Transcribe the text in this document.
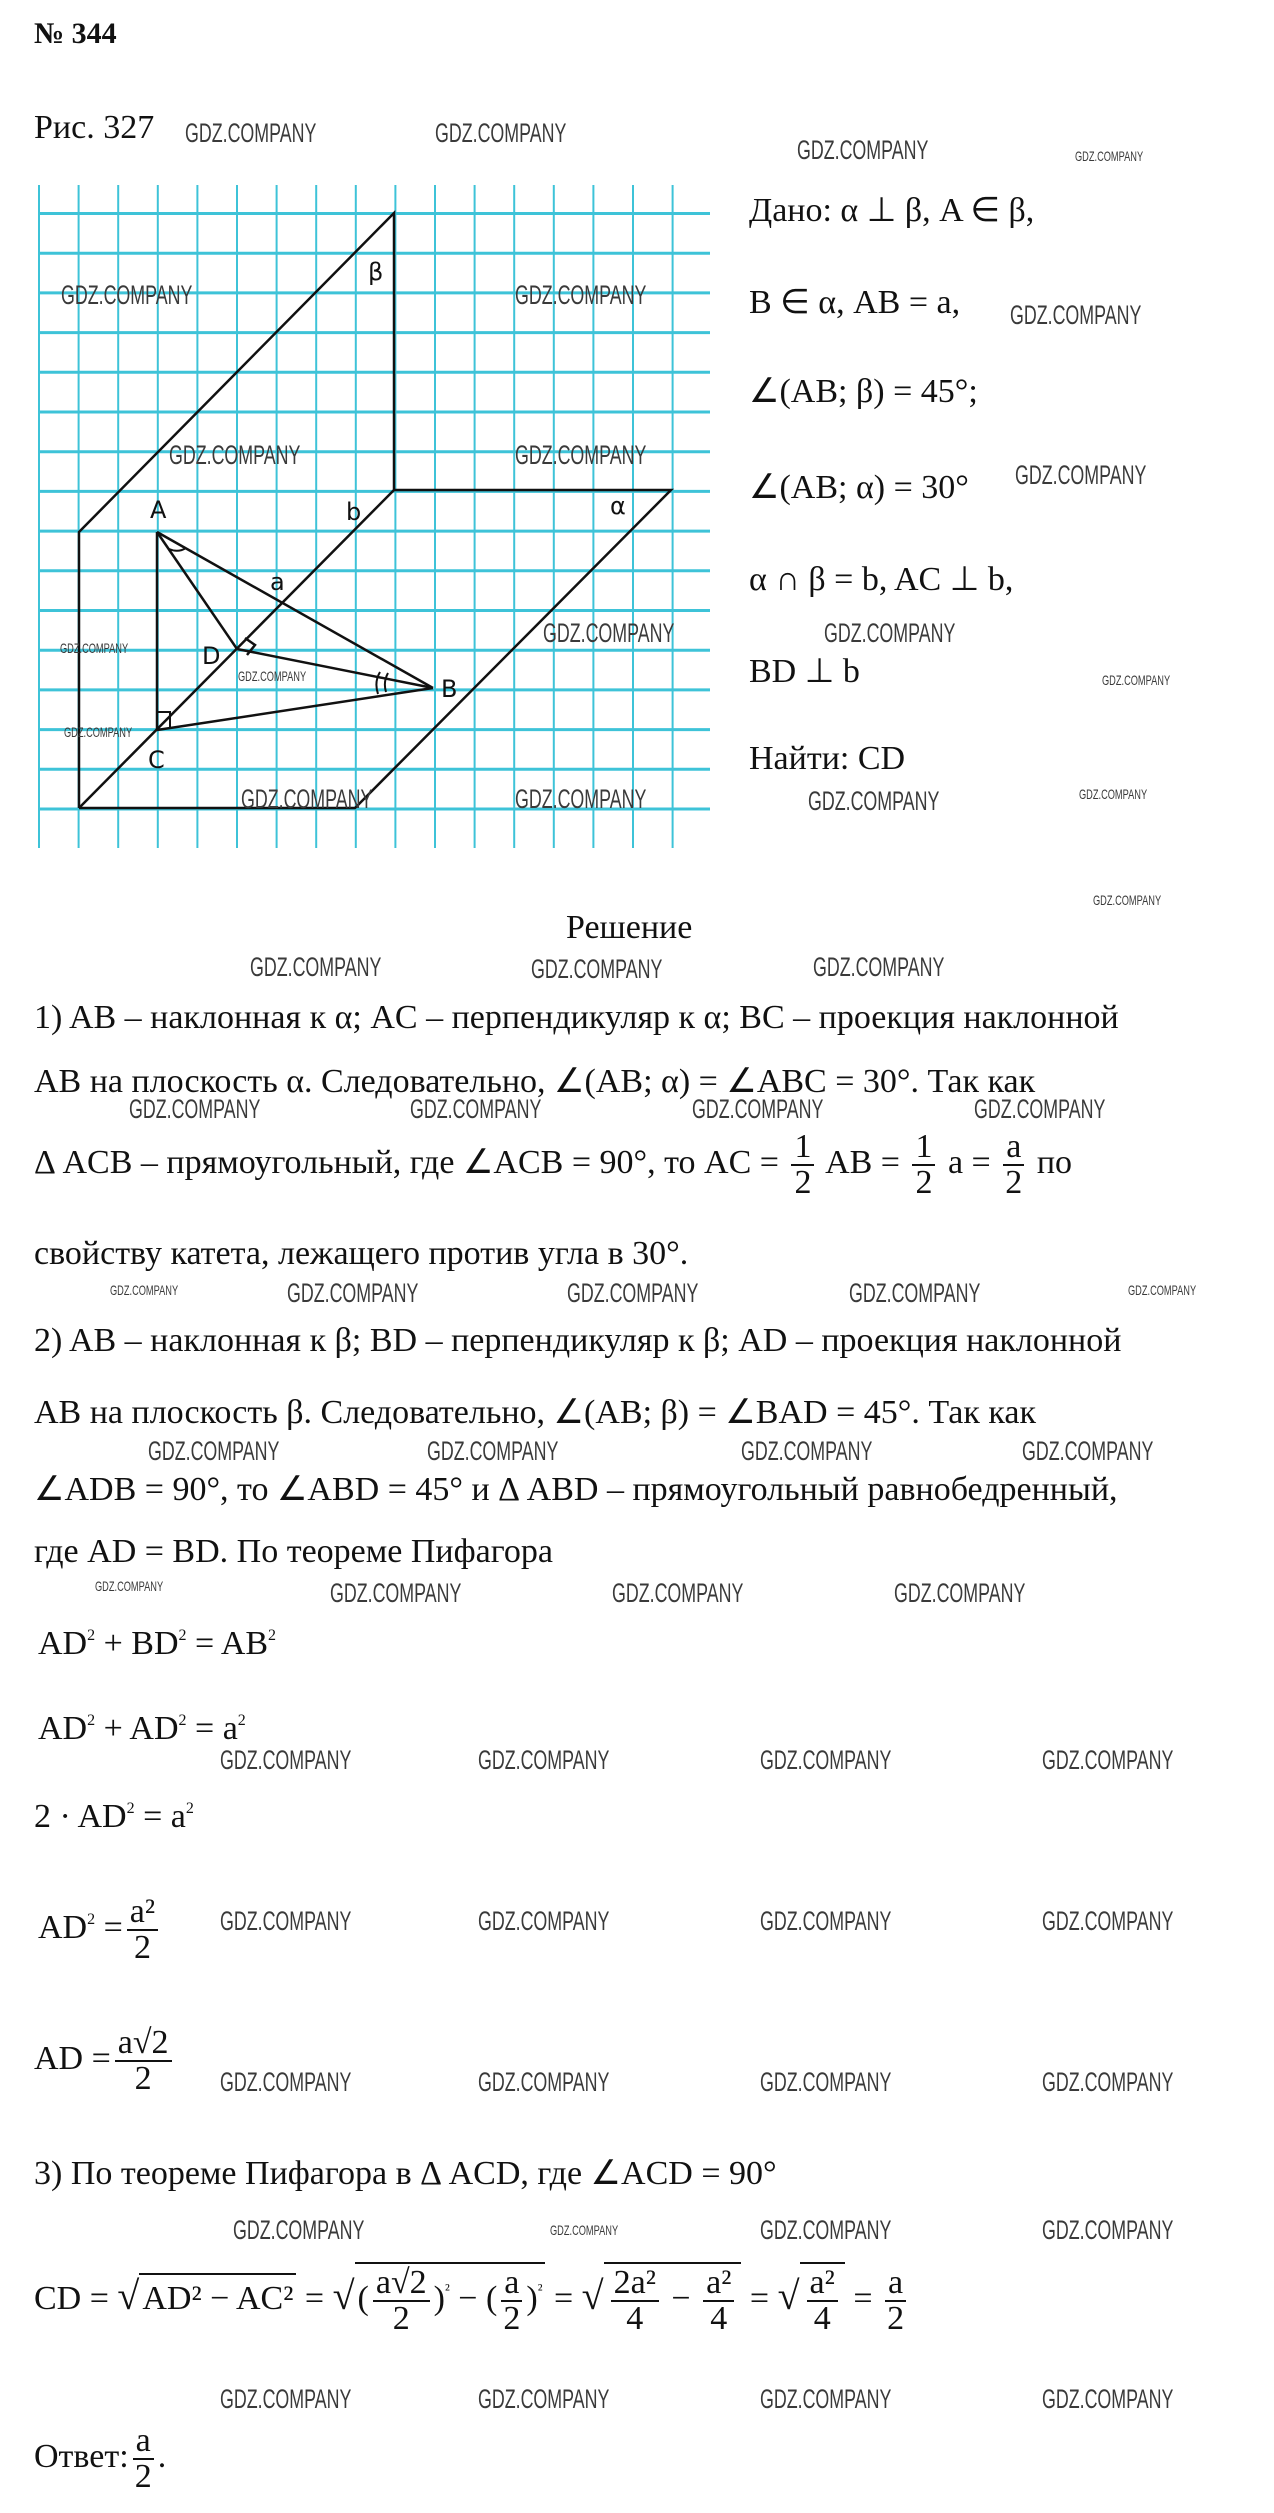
A	b	α
β
a
D
B
C
№ 344
Рис. 327
Дано: α ⊥ β, A ∈ β,
B ∈ α, AB = a,
∠(AB; β) = 45°;
∠(AB; α) = 30°
α ∩ β = b, AC ⊥ b,
BD ⊥ b
Найти: CD
Решение
1) AB – наклонная к α; AC – перпендикуляр к α; BC – проекция наклонной
AB на плоскость α. Следовательно, ∠(AB; α) = ∠ABC = 30°. Так как
Δ ACB – прямоугольный, где ∠ACB = 90°, то AC = $\frac{1}{2}$ AB = $\frac{1}{2}$ $a = \frac{a}{2}$ по
свойству катета, лежащего против угла в 30°.
2) AB – наклонная к β; BD – перпендикуляр к β; AD – проекция наклонной
AB на плоскость β. Следовательно, ∠(AB; β) = ∠BAD = 45°. Так как
∠ADB = 90°, то ∠ABD = 45° и Δ ABD – прямоугольный равнобедренный,
где AD = BD. По теореме Пифагора
$AD^2 + BD^2 = AB^2$
$AD^2 + AD^2 = a^2$
$2 \cdot AD^2 = a^2$
$AD^2 = \frac{\text{a²}}{2}$
AD = $\frac{a√2}{2}$
3) По теореме Пифагора в Δ ACD, где ∠ACD = 90°
CD = √AD² − AC² = √( $\frac{a√2}{2} )^{^2}$ − ( $\frac{a}{2} )^{^2}$ = √ $\frac{\text{2a²}}{4} - \frac{\text{a²}}{4}$ = √ $\frac{\text{a²}}{4} = \frac{a}{2}$
Ответ: $\frac{a}{2}$ .
GDZ.COMPANY	GDZ.COMPANY
GDZ.COMPANY	GDZ.COMPANY
GDZ.COMPANY	GDZ.COMPANY
GDZ.COMPANY
GDZ.COMPANY	GDZ.COMPANY
GDZ.COMPANY
GDZ.COMPANY	GDZ.COMPANY	GDZ.COMPANY
GDZ.COMPANY
GDZ.COMPANY
GDZ.COMPANY
GDZ.COMPANY	GDZ.COMPANY	GDZ.COMPANY	GDZ.COMPANY
GDZ.COMPANY
GDZ.COMPANY	GDZ.COMPANY	GDZ.COMPANY
GDZ.COMPANY	GDZ.COMPANY	GDZ.COMPANY	GDZ.COMPANY
GDZ.COMPANY	GDZ.COMPANY	GDZ.COMPANY	GDZ.COMPANY	GDZ.COMPANY
GDZ.COMPANY	GDZ.COMPANY	GDZ.COMPANY	GDZ.COMPANY
GDZ.COMPANY	GDZ.COMPANY	GDZ.COMPANY	GDZ.COMPANY
GDZ.COMPANY	GDZ.COMPANY	GDZ.COMPANY	GDZ.COMPANY
GDZ.COMPANY	GDZ.COMPANY	GDZ.COMPANY	GDZ.COMPANY
GDZ.COMPANY	GDZ.COMPANY	GDZ.COMPANY	GDZ.COMPANY
GDZ.COMPANY	GDZ.COMPANY	GDZ.COMPANY	GDZ.COMPANY
GDZ.COMPANY	GDZ.COMPANY	GDZ.COMPANY
GDZ.COMPANY
